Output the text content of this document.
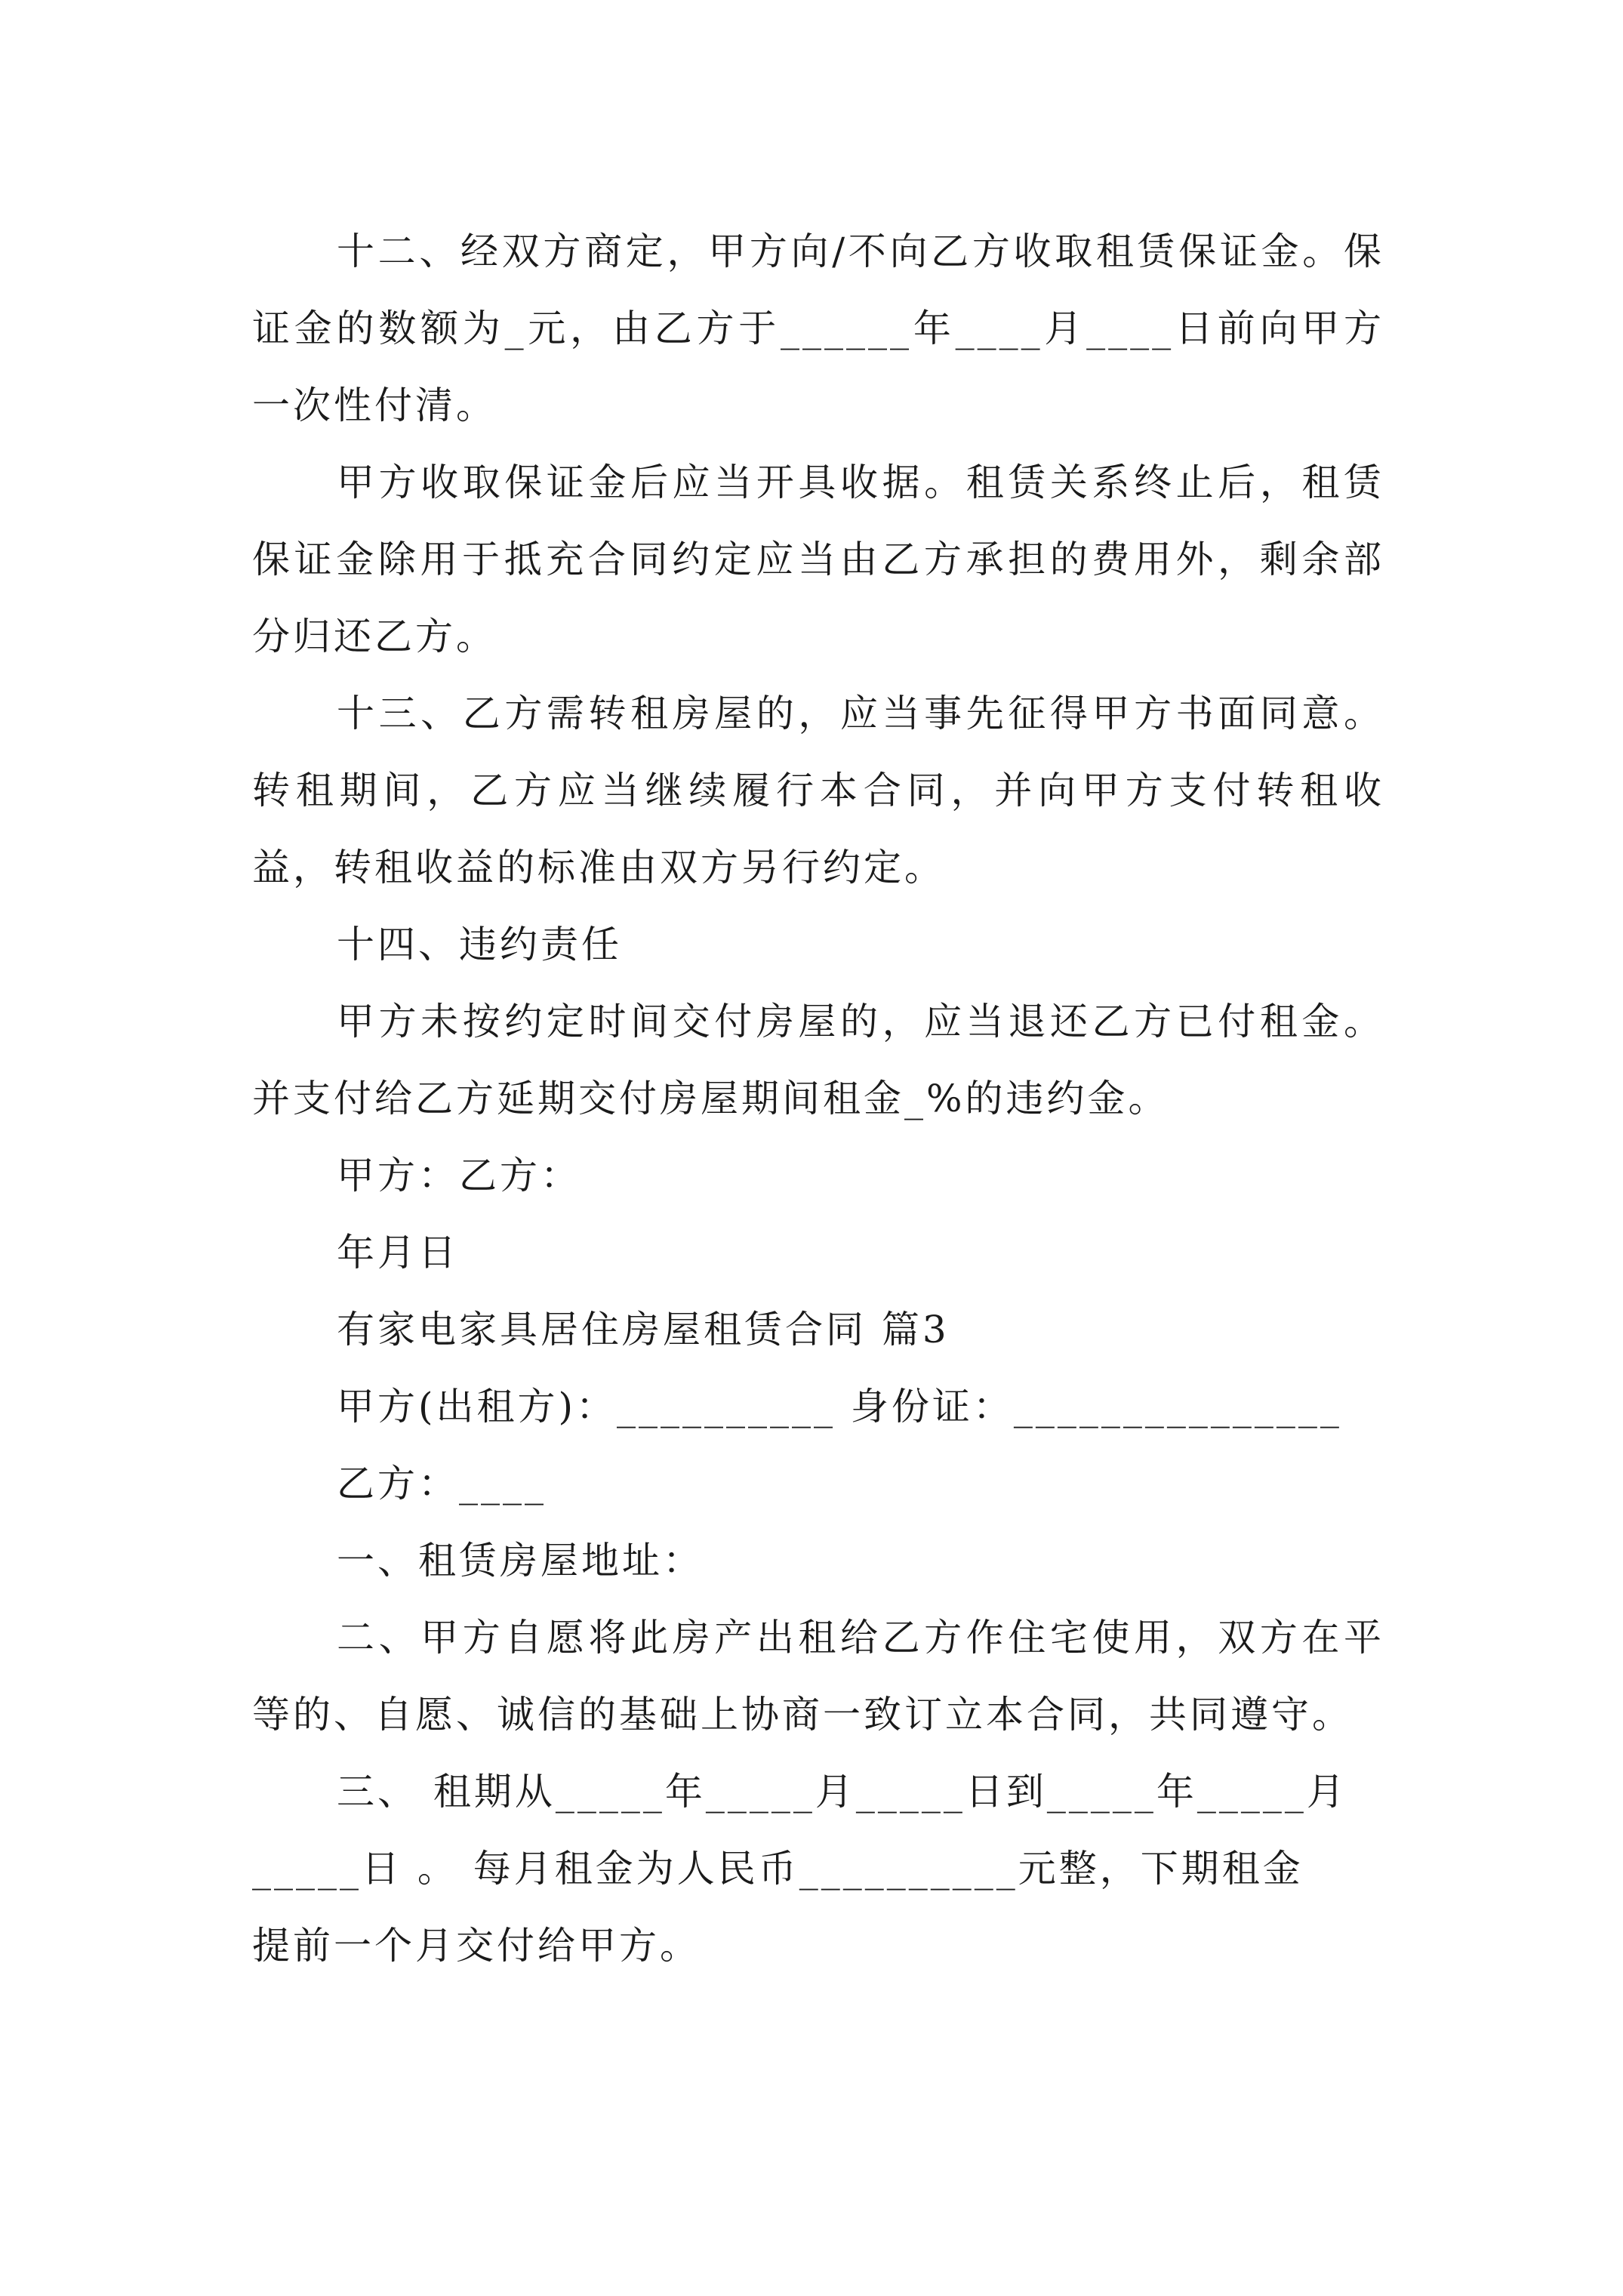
十二、经双方商定，甲方向/不向乙方收取租赁保证金。保证金的数额为_元，由乙方于______年____月____日前向甲方一次性付清。

甲方收取保证金后应当开具收据。租赁关系终止后，租赁保证金除用于抵充合同约定应当由乙方承担的费用外，剩余部分归还乙方。

十三、乙方需转租房屋的，应当事先征得甲方书面同意。转租期间，乙方应当继续履行本合同，并向甲方支付转租收益，转租收益的标准由双方另行约定。

十四、违约责任

甲方未按约定时间交付房屋的，应当退还乙方已付租金。并支付给乙方延期交付房屋期间租金_%的违约金。

甲方：乙方：

年月日

有家电家具居住房屋租赁合同 篇3

甲方(出租方)：__________ 身份证：_______________

乙方：____

一、租赁房屋地址：

二、甲方自愿将此房产出租给乙方作住宅使用，双方在平等的、自愿、诚信的基础上协商一致订立本合同，共同遵守。

三、 租期从_____年_____月_____日到_____年_____月

_____日 。 每月租金为人民币__________元整，下期租金

提前一个月交付给甲方。
